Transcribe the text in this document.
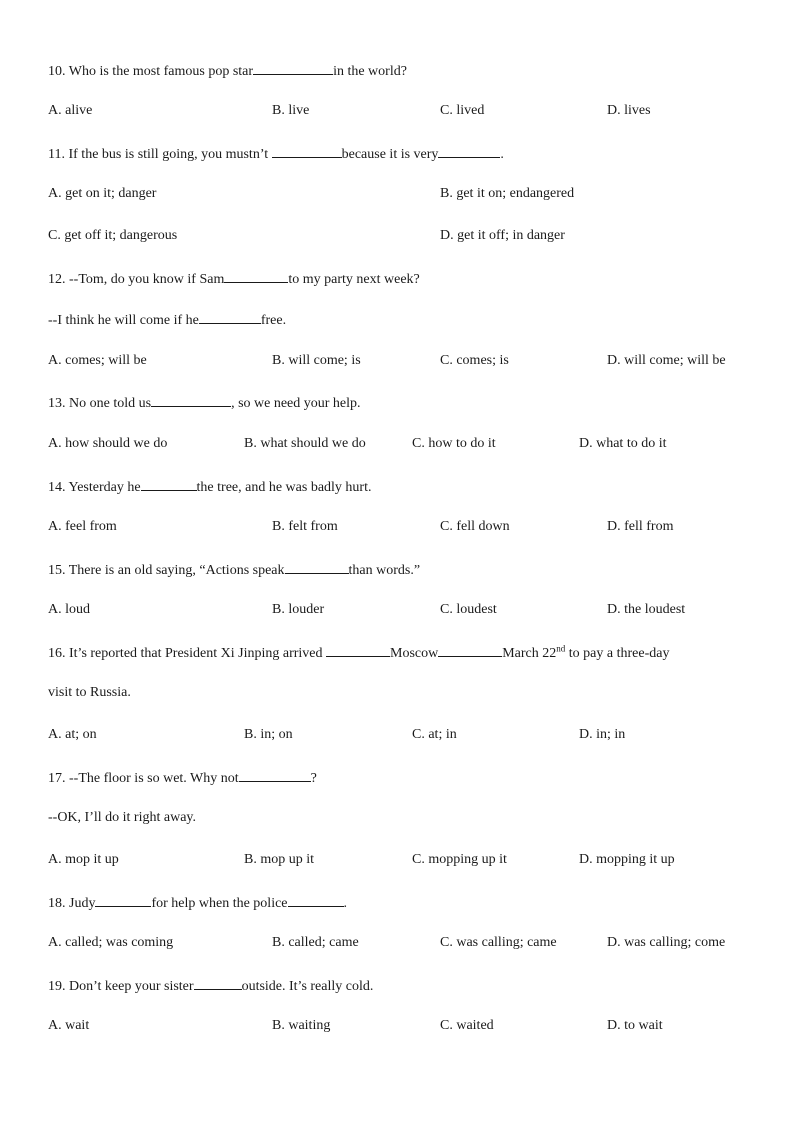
10. Who is the most famous pop star	in the world?
A. alive	B. live	C. lived	D. lives
11. If the bus is still going, you mustn’t	because it is very	.
A. get on it; danger	B. get it on; endangered
C. get off it; dangerous	D. get it off; in danger
12. --Tom, do you know if Sam	to my party next week?
--I think he will come if he	free.
A. comes; will be	B. will come; is	C. comes; is	D. will come; will be
13. No one told us	, so we need your help.
A. how should we do	B. what should we do	C. how to do it	D. what to do it
14. Yesterday he	the tree, and he was badly hurt.
A. feel from	B. felt from	C. fell down	D. fell from
15. There is an old saying, “Actions speak	than words.”
A. loud	B. louder	C. loudest	D. the loudest
16. It’s reported that President Xi Jinping arrived	Moscow	March 22nd to pay a three-day
visit to Russia.
A. at; on	B. in; on	C. at; in	D. in; in
17. --The floor is so wet. Why not	?
--OK, I’ll do it right away.
A. mop it up	B. mop up it	C. mopping up it	D. mopping it up
18. Judy	for help when the police	.
A. called; was coming	B. called; came	C. was calling; came	D. was calling; come
19. Don’t keep your sister	outside. It’s really cold.
A. wait	B. waiting	C. waited	D. to wait
